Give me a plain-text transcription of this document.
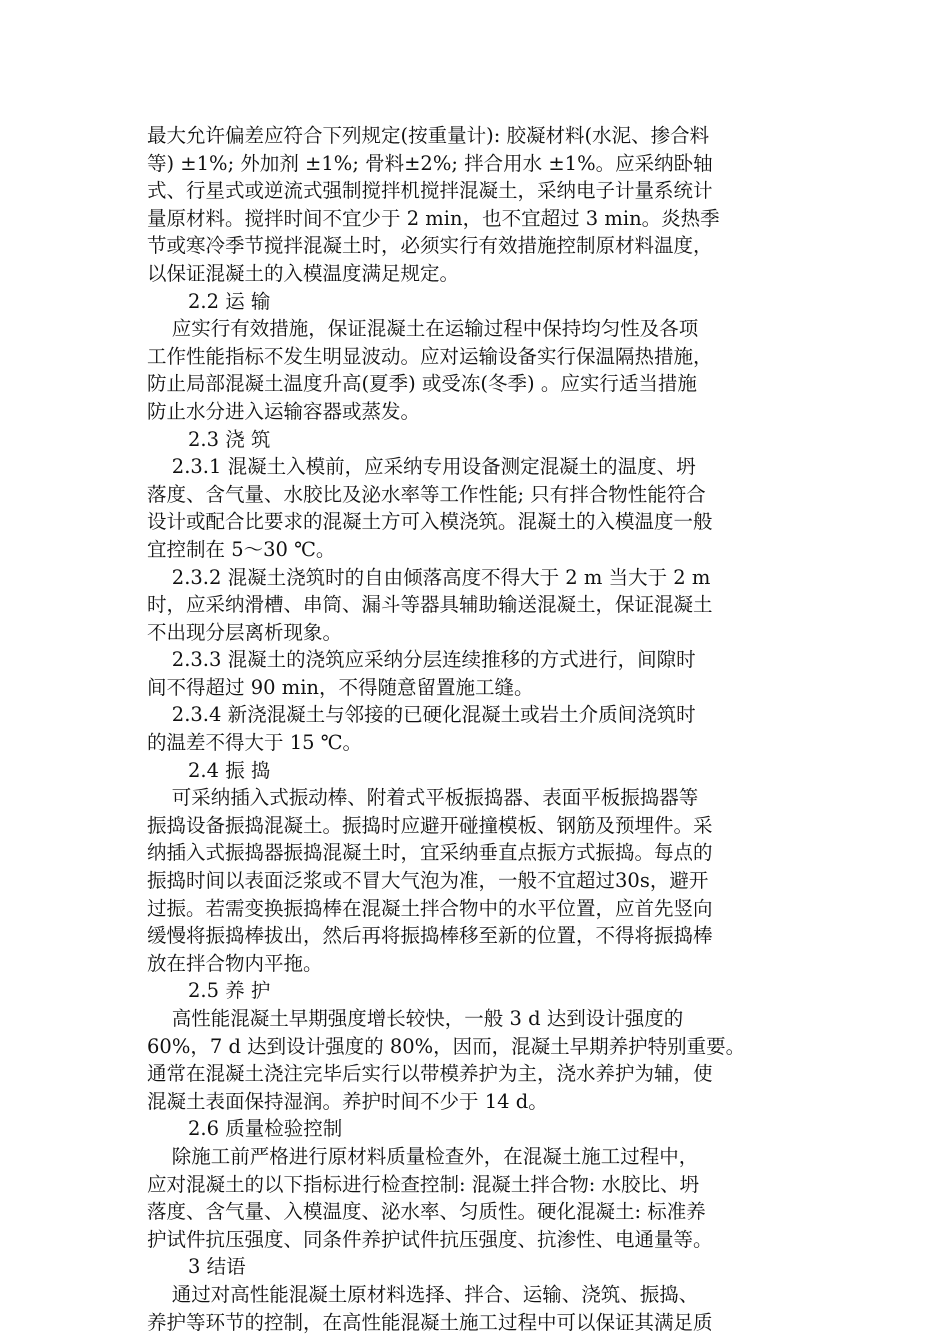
最大允许偏差应符合下列规定(按重量计): 胶凝材料(水泥、掺合料
等) ±1%; 外加剂 ±1%; 骨料±2%; 拌合用水 ±1%。应采纳卧轴
式、行星式或逆流式强制搅拌机搅拌混凝土，采纳电子计量系统计
量原材料。搅拌时间不宜少于 2 min，也不宜超过 3 min。炎热季
节或寒冷季节搅拌混凝土时，必须实行有效措施控制原材料温度，
以保证混凝土的入模温度满足规定。
2.2 运 输
应实行有效措施，保证混凝土在运输过程中保持均匀性及各项
工作性能指标不发生明显波动。应对运输设备实行保温隔热措施，
防止局部混凝土温度升高(夏季) 或受冻(冬季) 。应实行适当措施
防止水分进入运输容器或蒸发。
2.3 浇 筑
2.3.1 混凝土入模前，应采纳专用设备测定混凝土的温度、坍
落度、含气量、水胶比及泌水率等工作性能; 只有拌合物性能符合
设计或配合比要求的混凝土方可入模浇筑。混凝土的入模温度一般
宜控制在 5～30 ℃。
2.3.2 混凝土浇筑时的自由倾落高度不得大于 2 m 当大于 2 m
时，应采纳滑槽、串筒、漏斗等器具辅助输送混凝土，保证混凝土
不出现分层离析现象。
2.3.3 混凝土的浇筑应采纳分层连续推移的方式进行，间隙时
间不得超过 90 min，不得随意留置施工缝。
2.3.4 新浇混凝土与邻接的已硬化混凝土或岩土介质间浇筑时
的温差不得大于 15 ℃。
2.4 振 捣
可采纳插入式振动棒、附着式平板振捣器、表面平板振捣器等
振捣设备振捣混凝土。振捣时应避开碰撞模板、钢筋及预埋件。采
纳插入式振捣器振捣混凝土时，宜采纳垂直点振方式振捣。每点的
振捣时间以表面泛浆或不冒大气泡为准，一般不宜超过30s，避开
过振。若需变换振捣棒在混凝土拌合物中的水平位置，应首先竖向
缓慢将振捣棒拔出，然后再将振捣棒移至新的位置，不得将振捣棒
放在拌合物内平拖。
2.5 养 护
高性能混凝土早期强度增长较快，一般 3 d 达到设计强度的
60%，7 d 达到设计强度的 80%，因而，混凝土早期养护特别重要。
通常在混凝土浇注完毕后实行以带模养护为主，浇水养护为辅，使
混凝土表面保持湿润。养护时间不少于 14 d。
2.6 质量检验控制
除施工前严格进行原材料质量检查外，在混凝土施工过程中，
应对混凝土的以下指标进行检查控制: 混凝土拌合物: 水胶比、坍
落度、含气量、入模温度、泌水率、匀质性。硬化混凝土: 标准养
护试件抗压强度、同条件养护试件抗压强度、抗渗性、电通量等。
3 结语
通过对高性能混凝土原材料选择、拌合、运输、浇筑、振捣、
养护等环节的控制，在高性能混凝土施工过程中可以保证其满足质
